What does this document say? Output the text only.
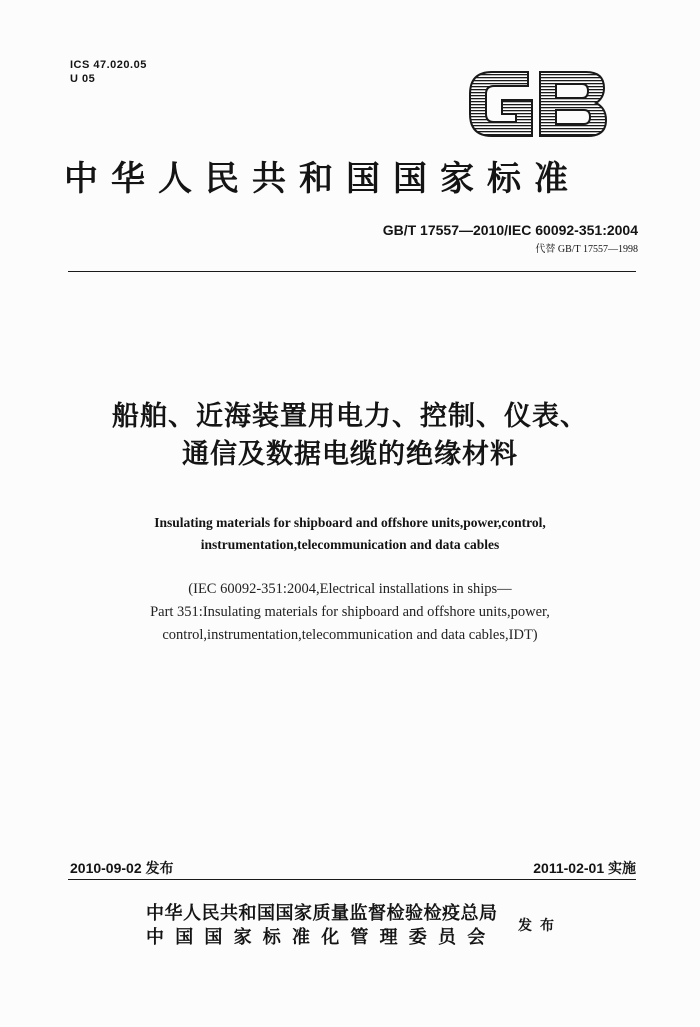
ICS 47.020.05
U 05
中华人民共和国国家标准
GB/T 17557—2010/IEC 60092-351:2004
代替 GB/T 17557—1998
船舶、近海装置用电力、控制、仪表、
通信及数据电缆的绝缘材料
Insulating materials for shipboard and offshore units,power,control,
instrumentation,telecommunication and data cables
(IEC 60092-351:2004,Electrical installations in ships—
Part 351:Insulating materials for shipboard and offshore units,power,
control,instrumentation,telecommunication and data cables,IDT)
2010-09-02 发布	2011-02-01 实施
中华人民共和国国家质量监督检验检疫总局
中国国家标准化管理委员会
发布
